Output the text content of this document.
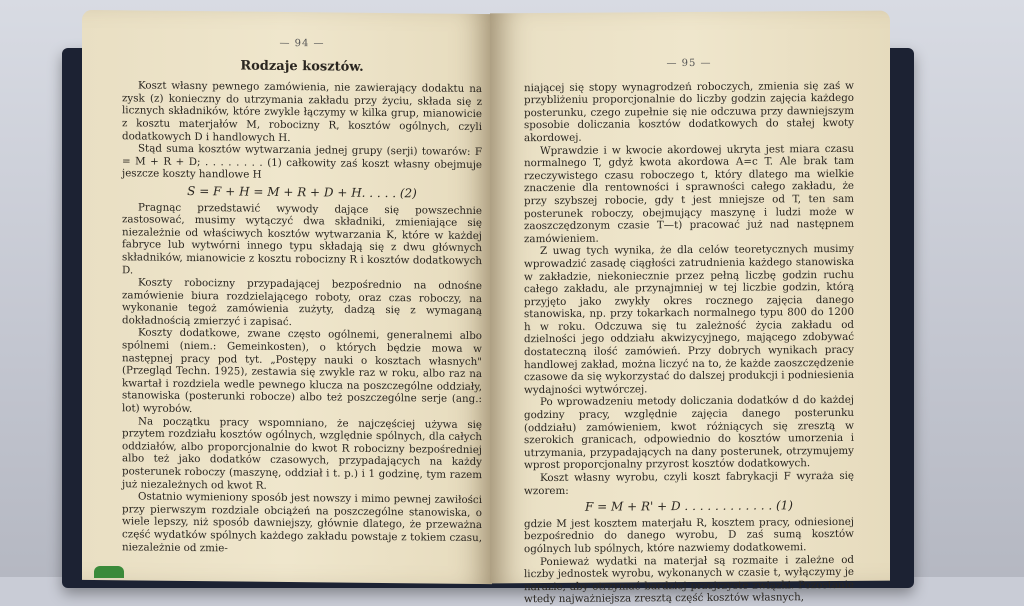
— 94 —
Rodzaje kosztów.

Koszt własny pewnego zamówienia, nie zawierający dodaktu na zysk (z) konieczny do utrzymania zakładu przy życiu, składa się z licznych składników, które zwykle łączymy w kilka grup, mianowicie z kosztu materjałów M, robocizny R, kosztów ogólnych, czyli dodatkowych D i handlowych H.

Stąd suma kosztów wytwarzania jednej grupy (serji) towarów: F = M + R + D; . . . . . . . . (1) całkowity zaś koszt własny obejmuje jeszcze koszty handlowe H

S = F + H = M + R + D + H. . . . . (2)

Pragnąc przedstawić wywody dające się powszechnie zastosować, musimy wytączyć dwa składniki, zmieniające się niezależnie od właściwych kosztów wytwarzania K, które w każdej fabryce lub wytwórni innego typu składają się z dwu głównych składników, mianowicie z kosztu robocizny R i kosztów dodatkowych D.

Koszty robocizny przypadającej bezpośrednio na odnośne zamówienie biura rozdzielającego roboty, oraz czas roboczy, na wykonanie tegoż zamówienia zużyty, dadzą się z wymaganą dokładnością zmierzyć i zapisać.

Koszty dodatkowe, zwane często ogólnemi, generalnemi albo spólnemi (niem.: Gemeinkosten), o których będzie mowa w następnej pracy pod tyt. „Postępy nauki o kosztach własnych" (Przegląd Techn. 1925), zestawia się zwykle raz w roku, albo raz na kwartał i rozdziela wedle pewnego klucza na poszczególne oddziały, stanowiska (posterunki robocze) albo też poszczególne serje (ang.: lot) wyrobów.

Na początku pracy wspomniano, że najczęściej używa się przytem rozdziału kosztów ogólnych, względnie spólnych, dla całych oddziałów, albo proporcjonalnie do kwot R robocizny bezpośredniej albo też jako dodatków czasowych, przypadających na każdy posterunek roboczy (maszynę, oddział i t. p.) i 1 godzinę, tym razem już niezależnych od kwot R.

Ostatnio wymieniony sposób jest nowszy i mimo pewnej zawiłości przy pierwszym rozdziale obciążeń na poszczególne stanowiska, o wiele lepszy, niż sposób dawniejszy, głównie dlatego, że przeważna część wydatków spólnych każdego zakładu powstaje z tokiem czasu, niezależnie od zmie-

— 95 —

niającej się stopy wynagrodzeń roboczych, zmienia się zaś w przybliżeniu proporcjonalnie do liczby godzin zajęcia każdego posterunku, czego zupełnie się nie odczuwa przy dawniejszym sposobie doliczania kosztów dodatkowych do stałej kwoty akordowej.

Wprawdzie i w kwocie akordowej ukryta jest miara czasu normalnego T, gdyż kwota akordowa A=c T. Ale brak tam rzeczywistego czasu roboczego t, który dlatego ma wielkie znaczenie dla rentowności i sprawności całego zakładu, że przy szybszej robocie, gdy t jest mniejsze od T, ten sam posterunek roboczy, obejmujący maszynę i ludzi może w zaoszczędzonym czasie T—t) pracować już nad następnem zamówieniem.

Z uwag tych wynika, że dla celów teoretycznych musimy wprowadzić zasadę ciągłości zatrudnienia każdego stanowiska w zakładzie, niekoniecznie przez pełną liczbę godzin ruchu całego zakładu, ale przynajmniej w tej liczbie godzin, którą przyjęto jako zwykły okres rocznego zajęcia danego stanowiska, np. przy tokarkach normalnego typu 800 do 1200 h w roku. Odczuwa się tu zależność życia zakładu od dzielności jego oddziału akwizycyjnego, mającego zdobywać dostateczną ilość zamówień. Przy dobrych wynikach pracy handlowej zakład, można liczyć na to, że każde zaoszczędzenie czasowe da się wykorzystać do dalszej produkcji i podniesienia wydajności wytwórczej.

Po wprowadzeniu metody doliczania dodatków d do każdej godziny pracy, względnie zajęcia danego posterunku (oddziału) zamówieniem, kwot różniących się zresztą w szerokich granicach, odpowiednio do kosztów umorzenia i utrzymania, przypadających na dany posterunek, otrzymujemy wprost proporcjonalny przyrost kosztów dodatkowych.

Koszt własny wyrobu, czyli koszt fabrykacji F wyraża się wzorem:

F = M + R' + D . . . . . . . . . . . . (1)

gdzie M jest kosztem materjału R, kosztem pracy, odniesionej bezpośrednio do danego wyrobu, D zaś sumą kosztów ogólnych lub spólnych, które nazwiemy dodatkowemi.

Ponieważ wydatki na materjał są rozmaite i zależne od liczby jednostek wyrobu, wykonanych w czasie t, wyłączymy je narazie, aby otrzymać bardziej przejrzyste związki. Pozostanie wtedy najważniejsza zresztą część kosztów własnych,
